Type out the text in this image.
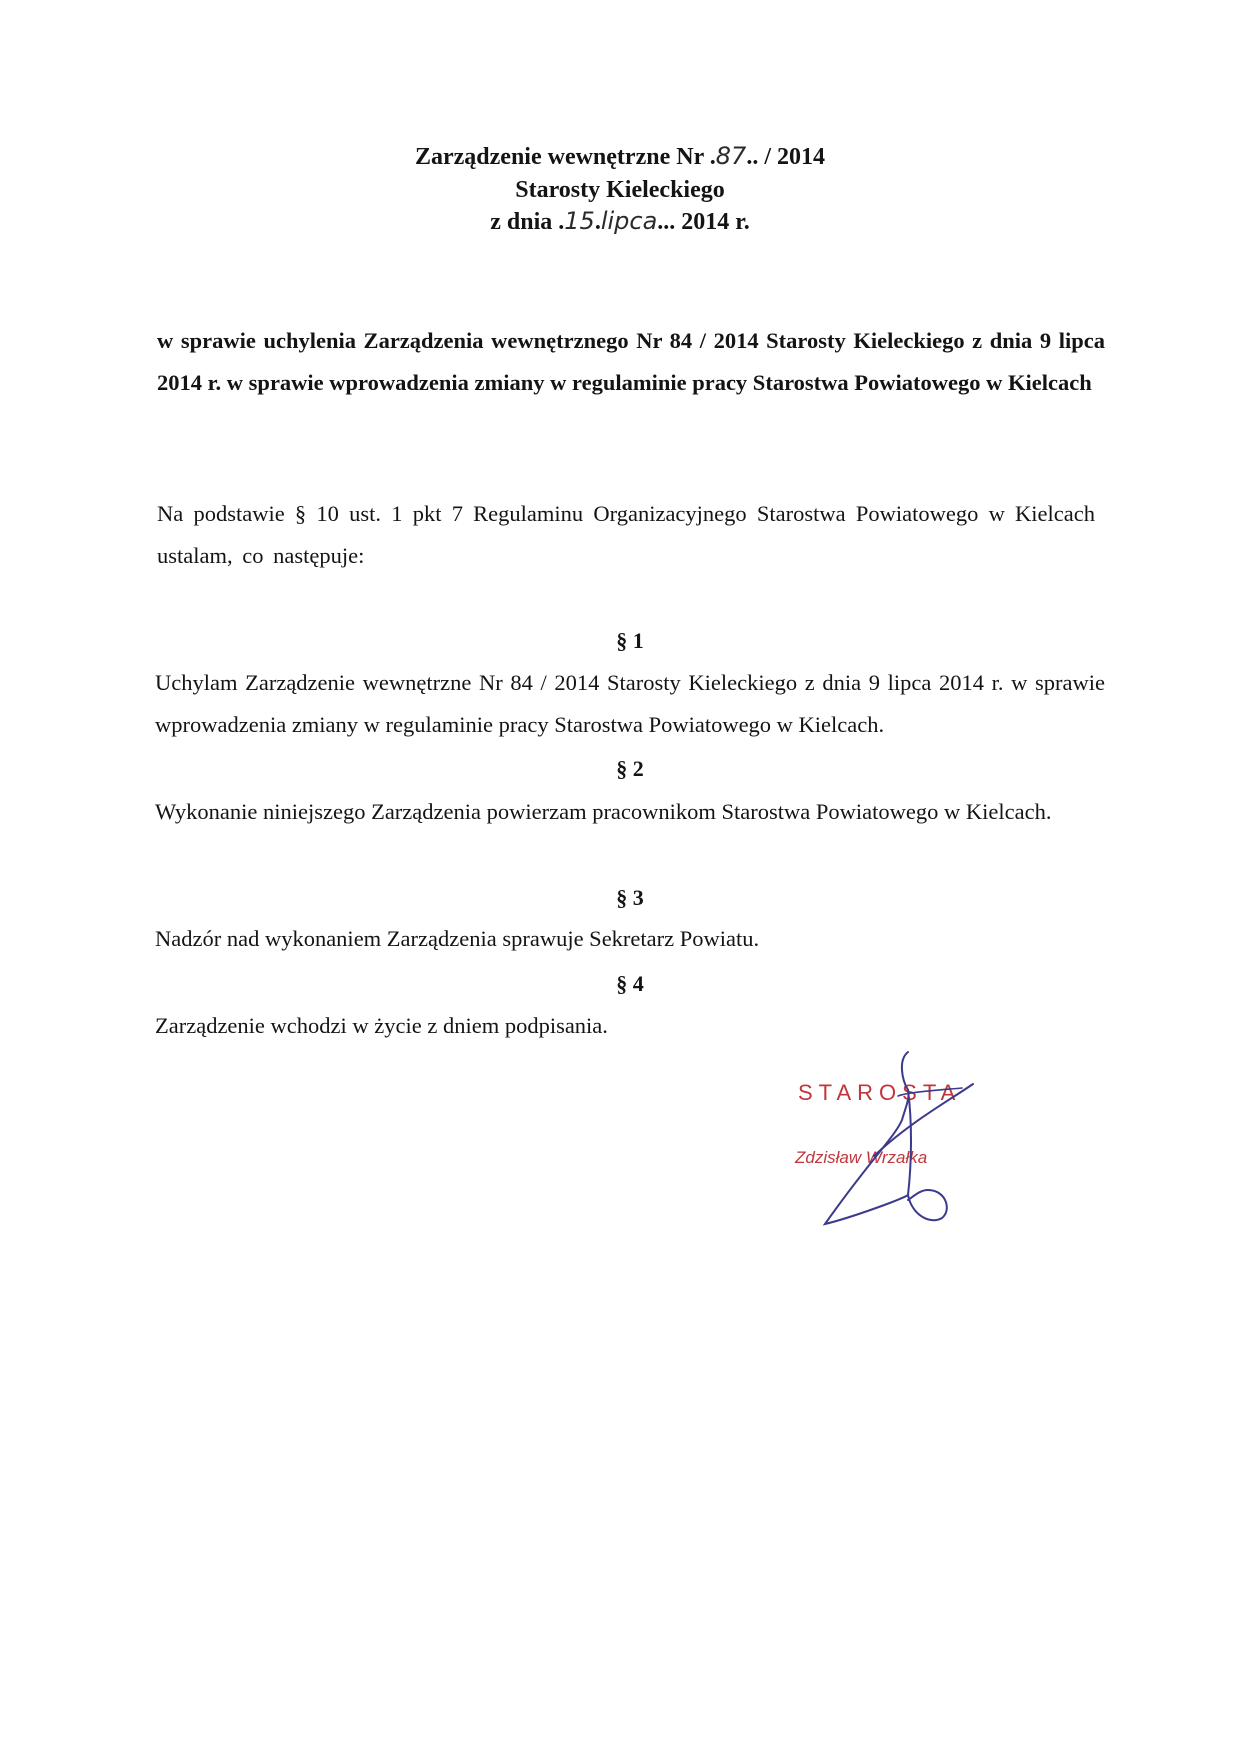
Zarządzenie wewnętrzne Nr .87.. / 2014
Starosty Kieleckiego
z dnia .15.lipca... 2014 r.
w sprawie uchylenia Zarządzenia wewnętrznego Nr 84 / 2014 Starosty Kieleckiego z dnia 9 lipca 2014 r. w sprawie wprowadzenia zmiany w regulaminie pracy Starostwa Powiatowego w Kielcach
Na podstawie § 10 ust. 1 pkt 7 Regulaminu Organizacyjnego Starostwa Powiatowego w Kielcach ustalam, co następuje:
§ 1
Uchylam Zarządzenie wewnętrzne Nr 84 / 2014 Starosty Kieleckiego z dnia 9 lipca 2014 r. w sprawie wprowadzenia zmiany w regulaminie pracy Starostwa Powiatowego w Kielcach.
§ 2
Wykonanie niniejszego Zarządzenia powierzam pracownikom Starostwa Powiatowego w Kielcach.
§ 3
Nadzór nad wykonaniem Zarządzenia sprawuje Sekretarz Powiatu.
§ 4
Zarządzenie wchodzi w życie z dniem podpisania.
STAROSTA
Zdzisław Wrzałka
